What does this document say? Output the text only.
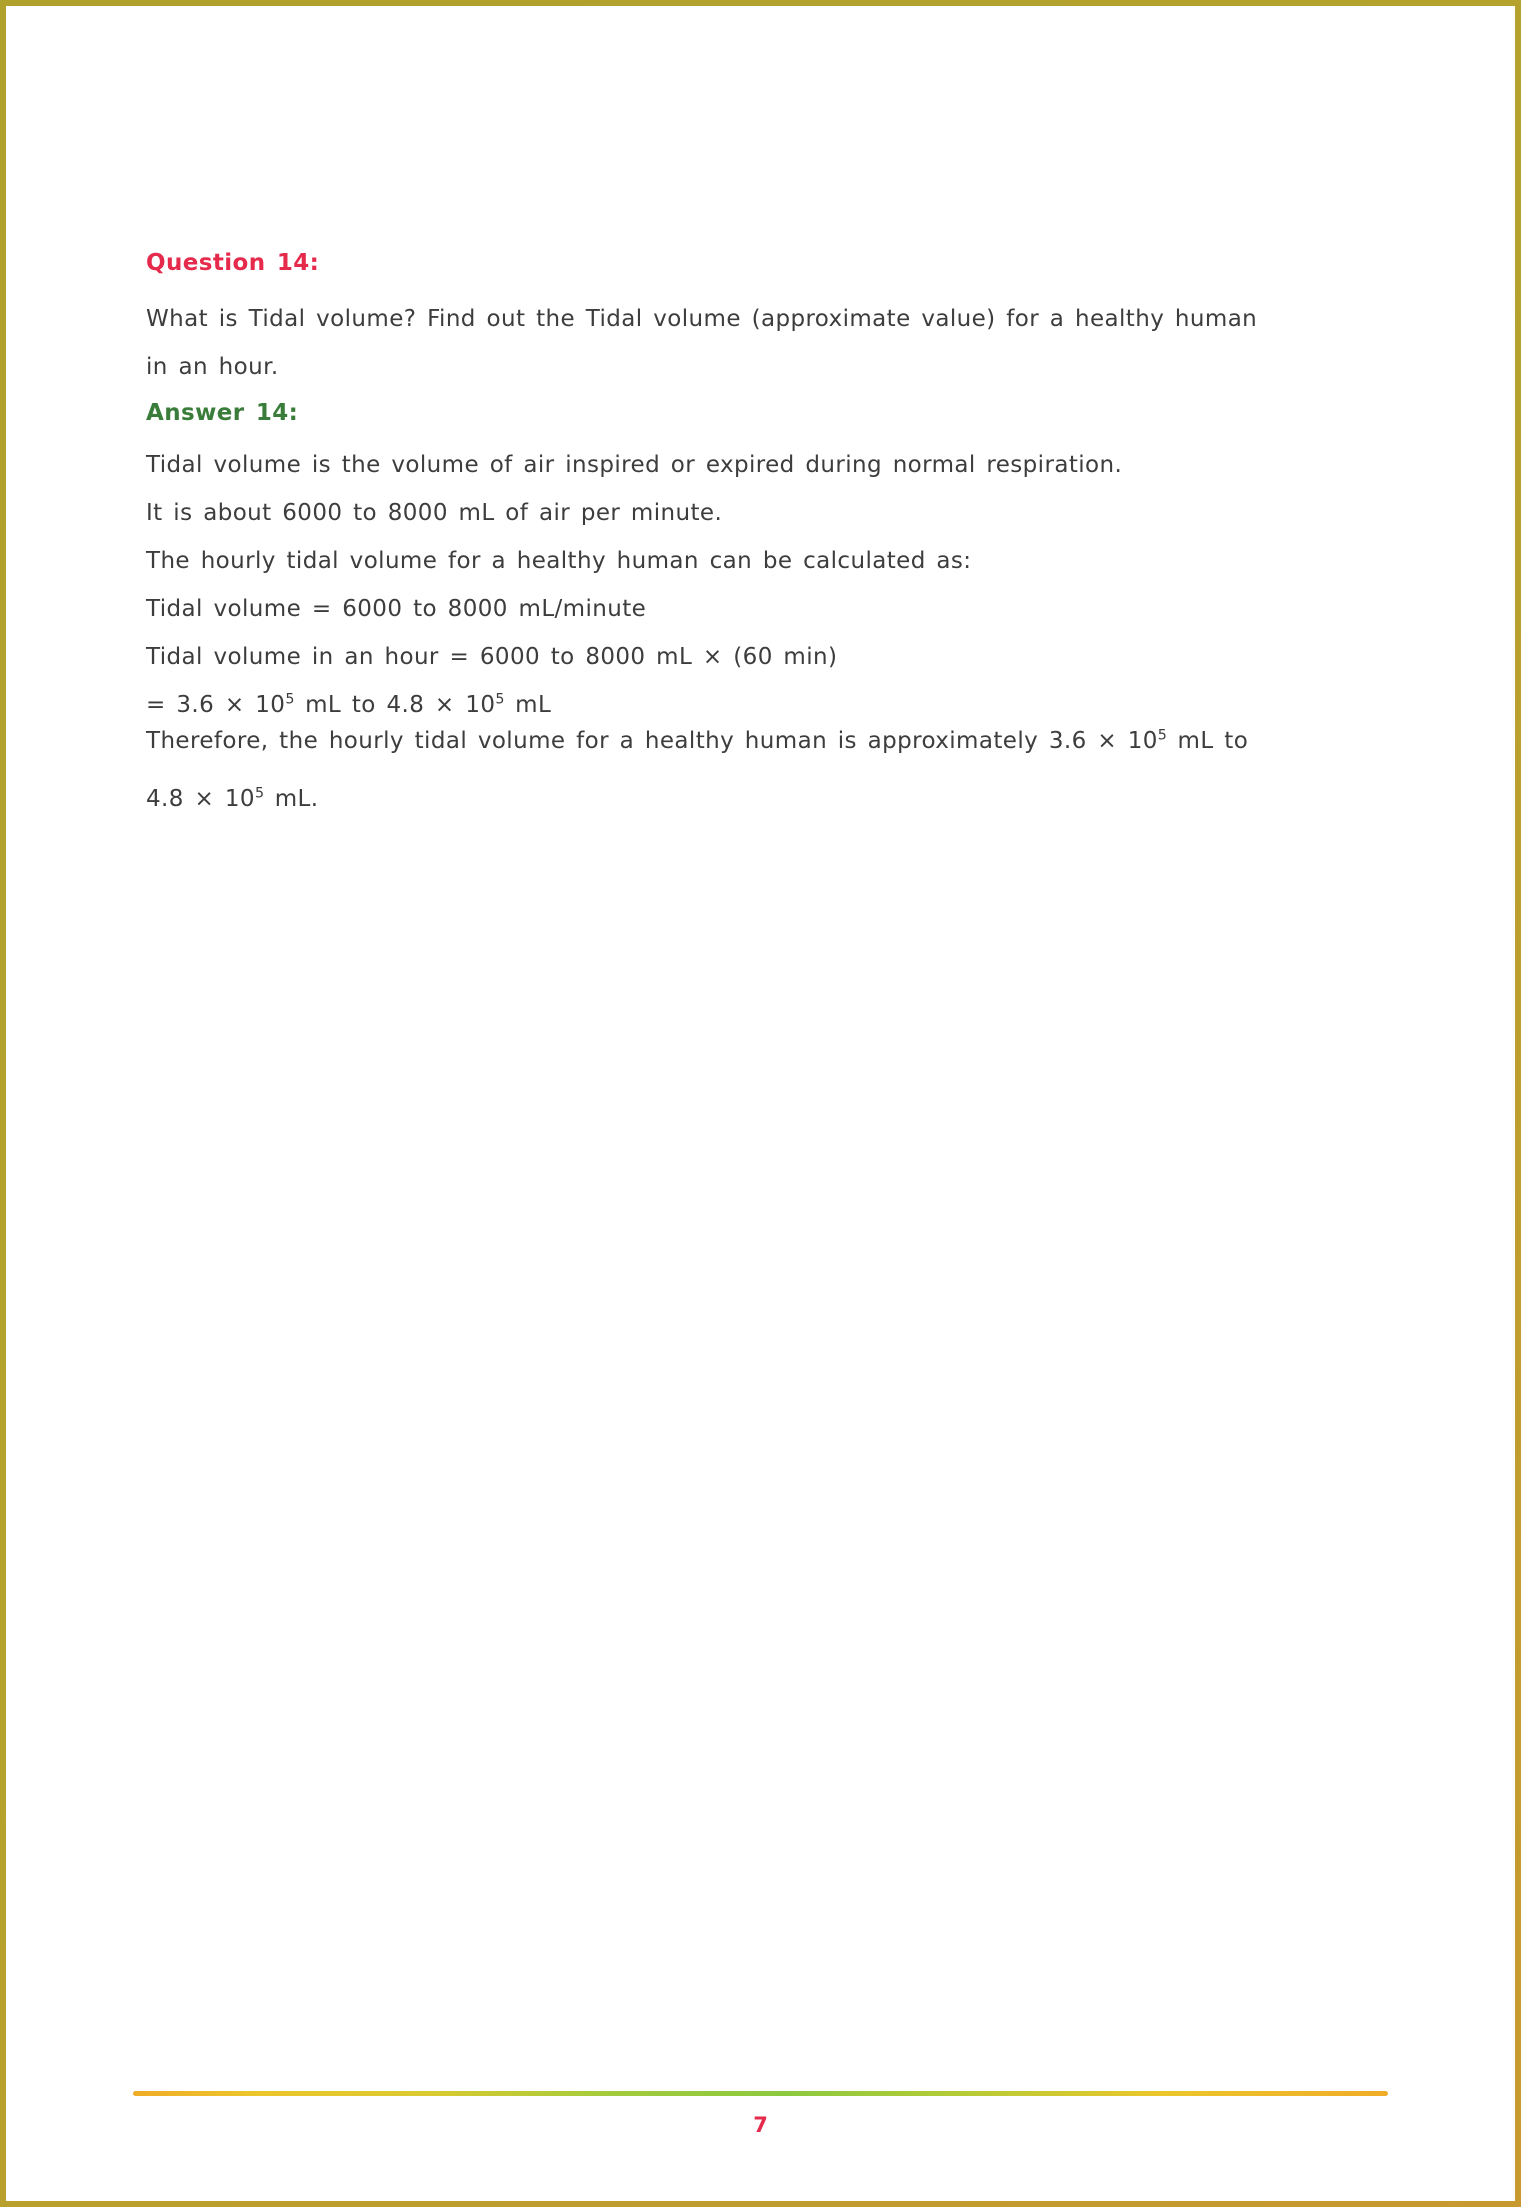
Question 14:

What is Tidal volume? Find out the Tidal volume (approximate value) for a healthy human

in an hour.

Answer 14:

Tidal volume is the volume of air inspired or expired during normal respiration.

It is about 6000 to 8000 mL of air per minute.

The hourly tidal volume for a healthy human can be calculated as:

Tidal volume = 6000 to 8000 mL/minute

Tidal volume in an hour = 6000 to 8000 mL × (60 min)

= $3.6 \times 10^5$ mL to $4.8 \times 10^5$ mL

Therefore, the hourly tidal volume for a healthy human is approximately $3.6 \times 10^5$ mL to

$4.8 \times 10^5$ mL.

7
